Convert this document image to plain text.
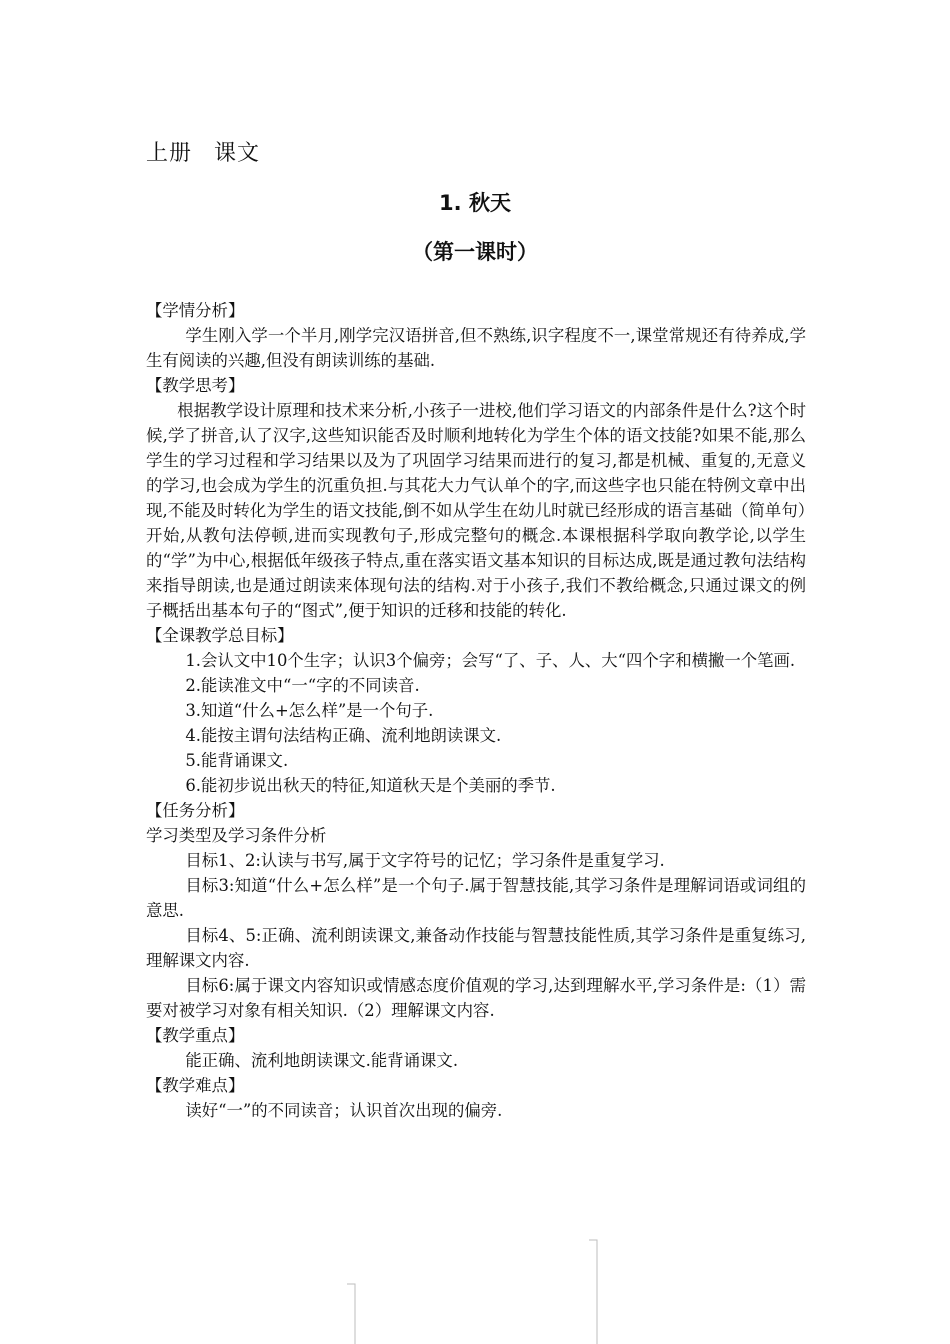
上册 课文
1. 秋天
（第一课时）

【学情分析】

学生刚入学一个半月,刚学完汉语拼音,但不熟练,识字程度不一,课堂常规还有待养成,学生有阅读的兴趣,但没有朗读训练的基础.

【教学思考】

根据教学设计原理和技术来分析,小孩子一进校,他们学习语文的内部条件是什么?这个时候,学了拼音,认了汉字,这些知识能否及时顺利地转化为学生个体的语文技能?如果不能,那么学生的学习过程和学习结果以及为了巩固学习结果而进行的复习,都是机械、重复的,无意义的学习,也会成为学生的沉重负担.与其花大力气认单个的字,而这些字也只能在特例文章中出现,不能及时转化为学生的语文技能,倒不如从学生在幼儿时就已经形成的语言基础（简单句）开始,从教句法停顿,进而实现教句子,形成完整句的概念.本课根据科学取向教学论,以学生的“学”为中心,根据低年级孩子特点,重在落实语文基本知识的目标达成,既是通过教句法结构来指导朗读,也是通过朗读来体现句法的结构.对于小孩子,我们不教给概念,只通过课文的例子概括出基本句子的“图式”,便于知识的迁移和技能的转化.

【全课教学总目标】

1.会认文中10个生字；认识3个偏旁；会写“了、子、人、大“四个字和横撇一个笔画.

2.能读准文中“一“字的不同读音.

3.知道“什么+怎么样”是一个句子.

4.能按主谓句法结构正确、流利地朗读课文.

5.能背诵课文.

6.能初步说出秋天的特征,知道秋天是个美丽的季节.

【任务分析】

学习类型及学习条件分析

目标1、2:认读与书写,属于文字符号的记忆；学习条件是重复学习.

目标3:知道“什么+怎么样”是一个句子.属于智慧技能,其学习条件是理解词语或词组的意思.

目标4、5:正确、流利朗读课文,兼备动作技能与智慧技能性质,其学习条件是重复练习,理解课文内容.

目标6:属于课文内容知识或情感态度价值观的学习,达到理解水平,学习条件是:（1）需要对被学习对象有相关知识.（2）理解课文内容.

【教学重点】

能正确、流利地朗读课文.能背诵课文.

【教学难点】

读好“一”的不同读音；认识首次出现的偏旁.
